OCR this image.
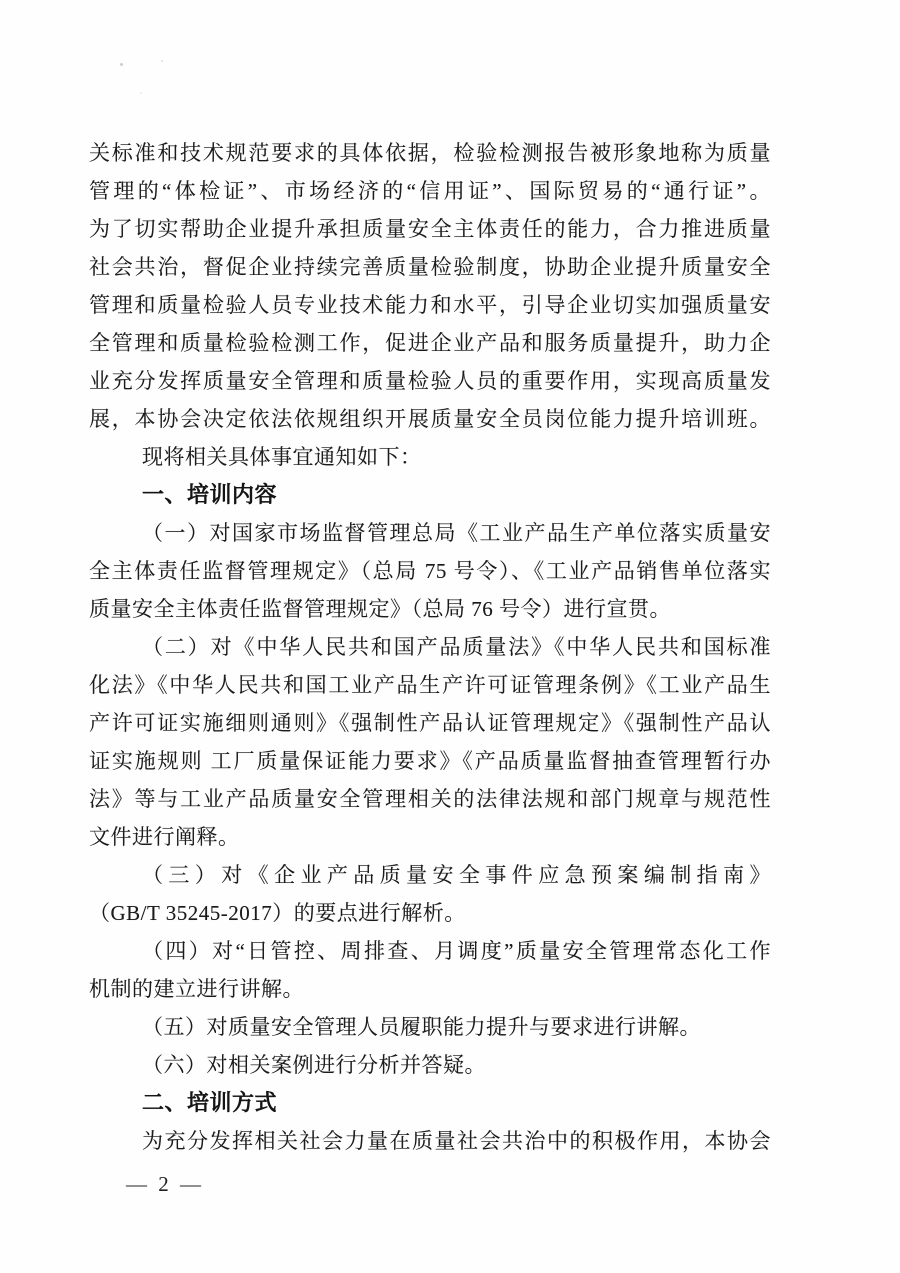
关标准和技术规范要求的具体依据，检验检测报告被形象地称为质量
管理的“体检证”、市场经济的“信用证”、国际贸易的“通行证”。
为了切实帮助企业提升承担质量安全主体责任的能力，合力推进质量
社会共治，督促企业持续完善质量检验制度，协助企业提升质量安全
管理和质量检验人员专业技术能力和水平，引导企业切实加强质量安
全管理和质量检验检测工作，促进企业产品和服务质量提升，助力企
业充分发挥质量安全管理和质量检验人员的重要作用，实现高质量发
展，本协会决定依法依规组织开展质量安全员岗位能力提升培训班。
现将相关具体事宜通知如下：
一、培训内容
（一）对国家市场监督管理总局《工业产品生产单位落实质量安
全主体责任监督管理规定》（总局 75 号令）、《工业产品销售单位落实
质量安全主体责任监督管理规定》（总局 76 号令）进行宣贯。
（二）对《中华人民共和国产品质量法》《中华人民共和国标准
化法》《中华人民共和国工业产品生产许可证管理条例》《工业产品生
产许可证实施细则通则》《强制性产品认证管理规定》《强制性产品认
证实施规则 工厂质量保证能力要求》《产品质量监督抽查管理暂行办
法》等与工业产品质量安全管理相关的法律法规和部门规章与规范性
文件进行阐释。
（三）对《企业产品质量安全事件应急预案编制指南》
（GB/T 35245-2017）的要点进行解析。
（四）对“日管控、周排查、月调度”质量安全管理常态化工作
机制的建立进行讲解。
（五）对质量安全管理人员履职能力提升与要求进行讲解。
（六）对相关案例进行分析并答疑。
二、培训方式
为充分发挥相关社会力量在质量社会共治中的积极作用，本协会
— 2 —
